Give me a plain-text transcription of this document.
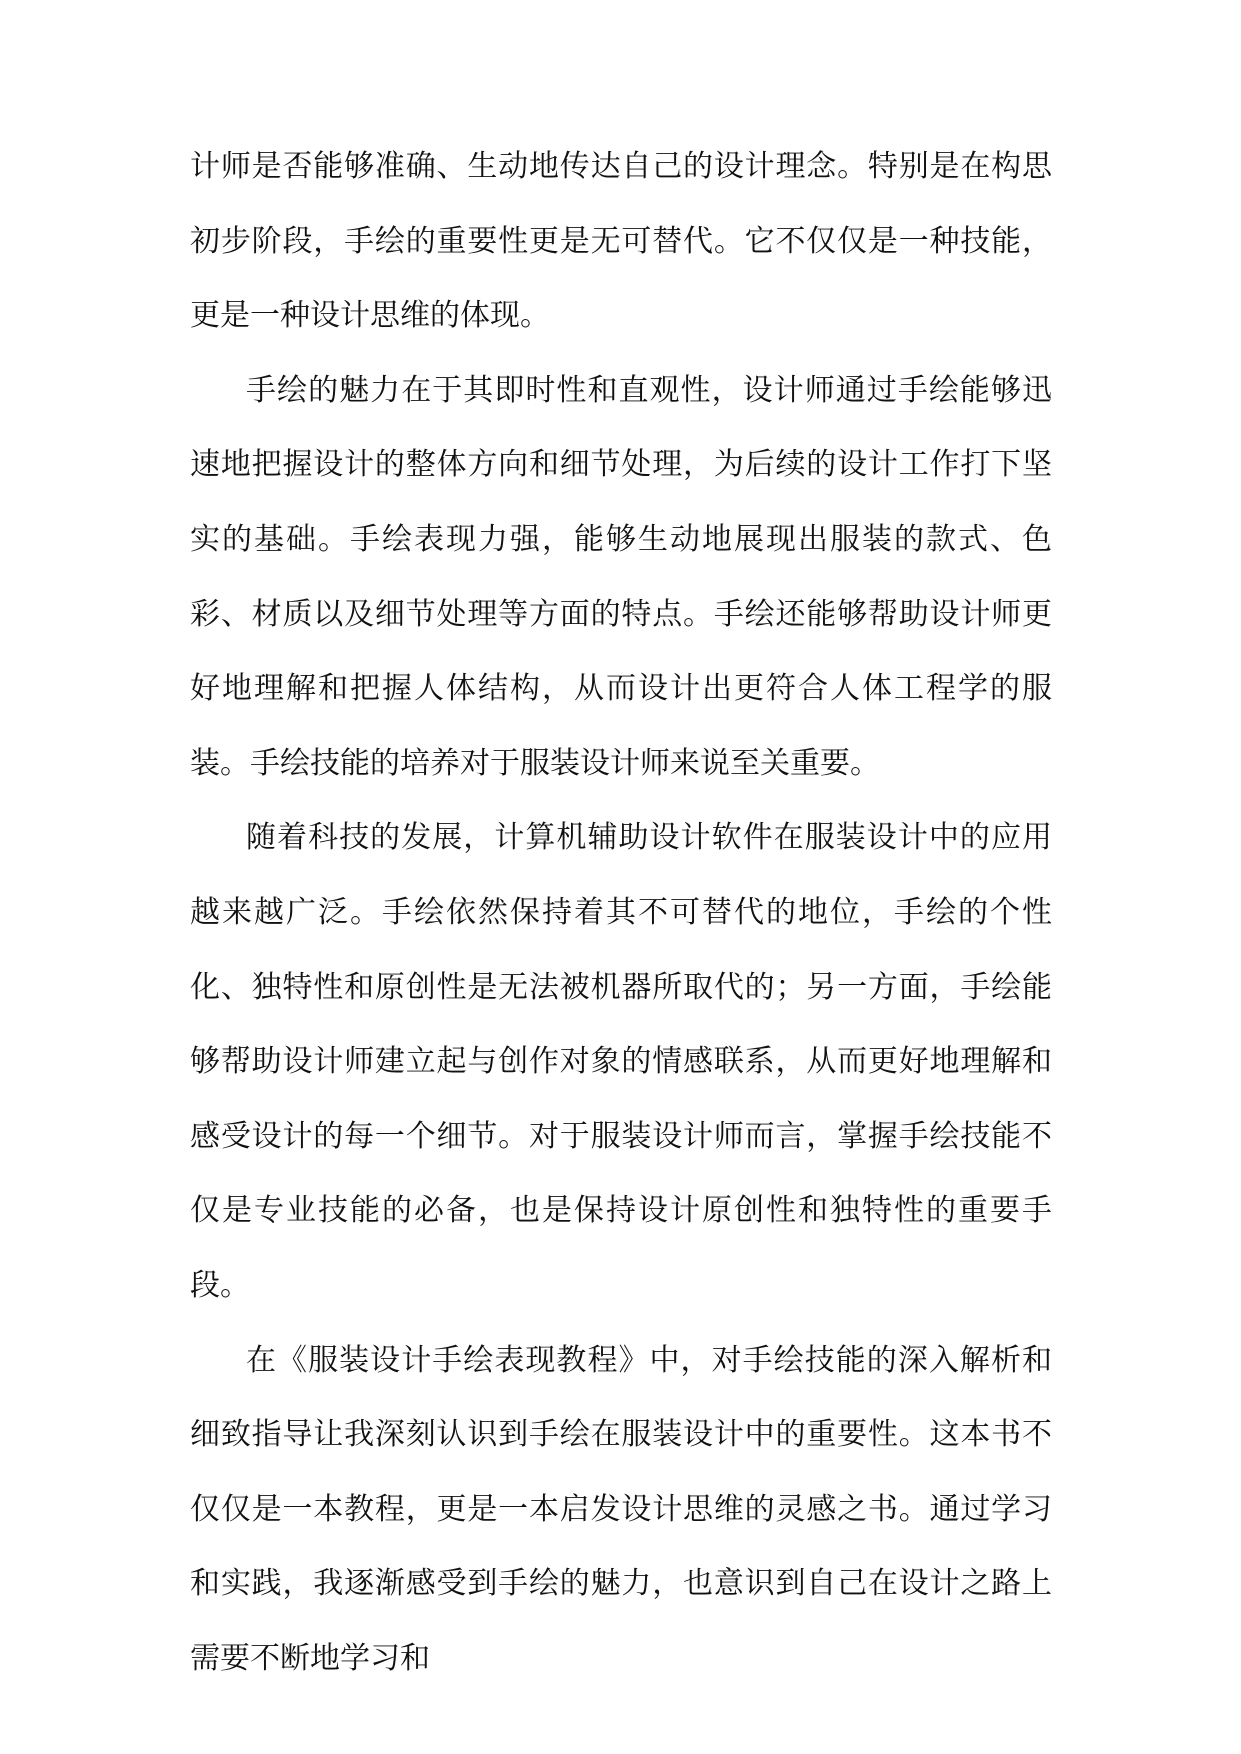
计师是否能够准确、生动地传达自己的设计理念。特别是在构思初步阶段，手绘的重要性更是无可替代。它不仅仅是一种技能，更是一种设计思维的体现。

手绘的魅力在于其即时性和直观性，设计师通过手绘能够迅速地把握设计的整体方向和细节处理，为后续的设计工作打下坚实的基础。手绘表现力强，能够生动地展现出服装的款式、色彩、材质以及细节处理等方面的特点。手绘还能够帮助设计师更好地理解和把握人体结构，从而设计出更符合人体工程学的服装。手绘技能的培养对于服装设计师来说至关重要。

随着科技的发展，计算机辅助设计软件在服装设计中的应用越来越广泛。手绘依然保持着其不可替代的地位，手绘的个性化、独特性和原创性是无法被机器所取代的；另一方面，手绘能够帮助设计师建立起与创作对象的情感联系，从而更好地理解和感受设计的每一个细节。对于服装设计师而言，掌握手绘技能不仅是专业技能的必备，也是保持设计原创性和独特性的重要手段。

在《服装设计手绘表现教程》中，对手绘技能的深入解析和细致指导让我深刻认识到手绘在服装设计中的重要性。这本书不仅仅是一本教程，更是一本启发设计思维的灵感之书。通过学习和实践，我逐渐感受到手绘的魅力，也意识到自己在设计之路上需要不断地学习和
